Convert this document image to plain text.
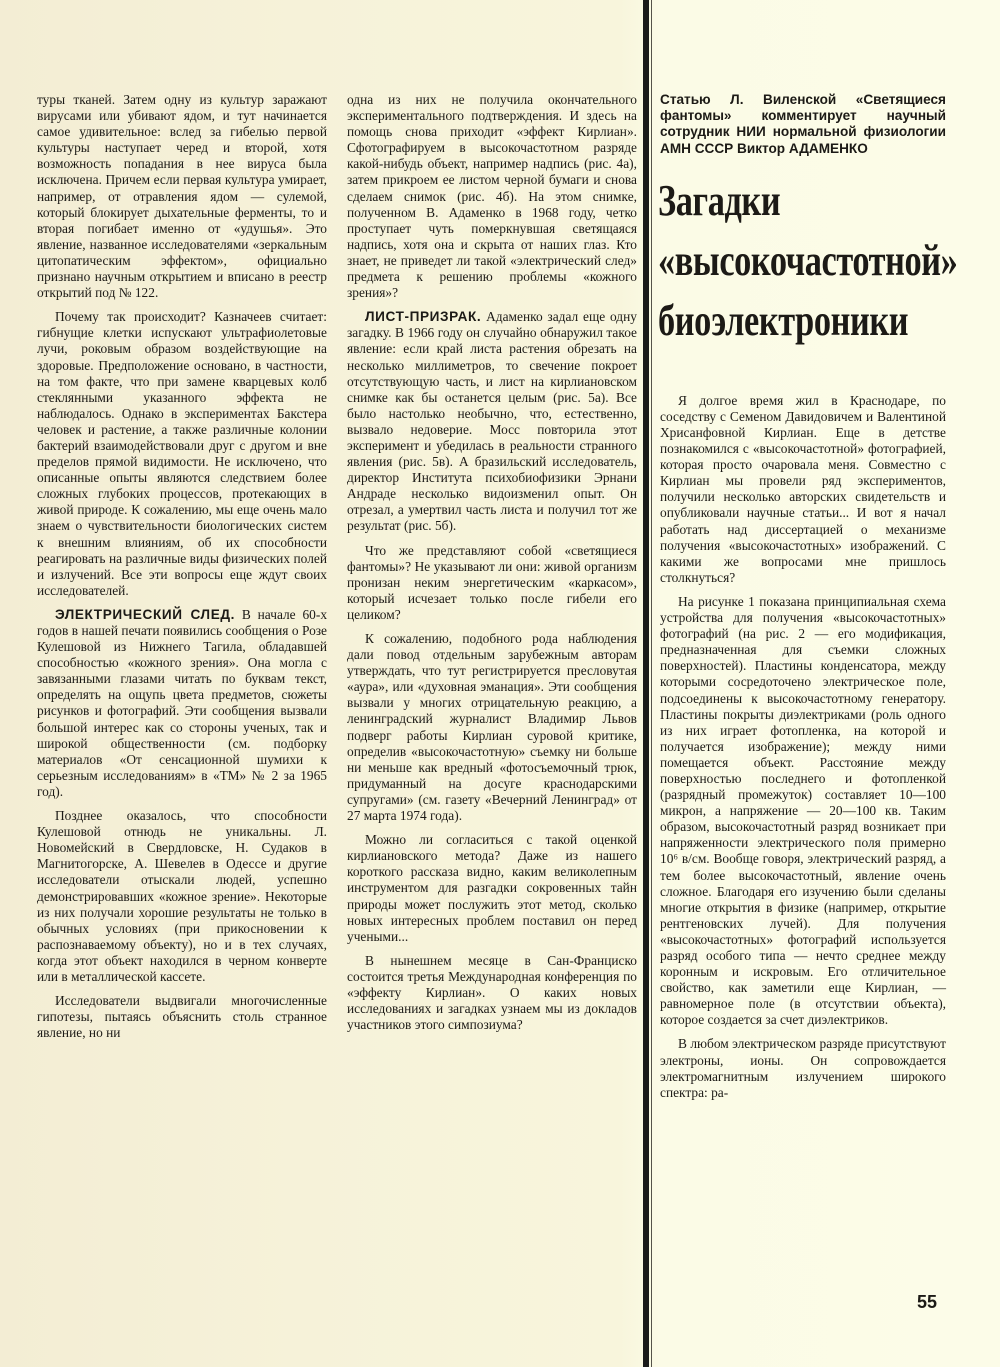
туры тканей. Затем одну из культур заражают вирусами или убивают ядом, и тут начинается самое удивительное: вслед за гибелью первой культуры наступает черед и второй, хотя возможность попадания в нее вируса была исключена. Причем если первая культура умирает, например, от отравления ядом — сулемой, который блокирует дыхательные ферменты, то и вторая погибает именно от «удушья». Это явление, названное исследователями «зеркальным цитопатическим эффектом», официально признано научным открытием и вписано в реестр открытий под № 122.

Почему так происходит? Казначеев считает: гибнущие клетки испускают ультрафиолетовые лучи, роковым образом воздействующие на здоровые. Предположение основано, в частности, на том факте, что при замене кварцевых колб стеклянными указанного эффекта не наблюдалось. Однако в экспериментах Бакстера человек и растение, а также различные колонии бактерий взаимодействовали друг с другом и вне пределов прямой видимости. Не исключено, что описанные опыты являются следствием более сложных глубоких процессов, протекающих в живой природе. К сожалению, мы еще очень мало знаем о чувствительности биологических систем к внешним влияниям, об их способности реагировать на различные виды физических полей и излучений. Все эти вопросы еще ждут своих исследователей.

ЭЛЕКТРИЧЕСКИЙ СЛЕД. В начале 60-х годов в нашей печати появились сообщения о Розе Кулешовой из Нижнего Тагила, обладавшей способностью «кожного зрения». Она могла с завязанными глазами читать по буквам текст, определять на ощупь цвета предметов, сюжеты рисунков и фотографий. Эти сообщения вызвали большой интерес как со стороны ученых, так и широкой общественности (см. подборку материалов «От сенсационной шумихи к серьезным исследованиям» в «ТМ» № 2 за 1965 год).

Позднее оказалось, что способности Кулешовой отнюдь не уникальны. Л. Новомейский в Свердловске, Н. Судаков в Магнитогорске, А. Шевелев в Одессе и другие исследователи отыскали людей, успешно демонстрировавших «кожное зрение». Некоторые из них получали хорошие результаты не только в обычных условиях (при прикосновении к распознаваемому объекту), но и в тех случаях, когда этот объект находился в черном конверте или в металлической кассете.

Исследователи выдвигали многочисленные гипотезы, пытаясь объяснить столь странное явление, но ни

одна из них не получила окончательного экспериментального подтверждения. И здесь на помощь снова приходит «эффект Кирлиан». Сфотографируем в высокочастотном разряде какой-нибудь объект, например надпись (рис. 4а), затем прикроем ее листом черной бумаги и снова сделаем снимок (рис. 4б). На этом снимке, полученном В. Адаменко в 1968 году, четко проступает чуть померкнувшая светящаяся надпись, хотя она и скрыта от наших глаз. Кто знает, не приведет ли такой «электрический след» предмета к решению проблемы «кожного зрения»?

ЛИСТ-ПРИЗРАК. Адаменко задал еще одну загадку. В 1966 году он случайно обнаружил такое явление: если край листа растения обрезать на несколько миллиметров, то свечение покроет отсутствующую часть, и лист на кирлиановском снимке как бы останется целым (рис. 5а). Все было настолько необычно, что, естественно, вызвало недоверие. Мосс повторила этот эксперимент и убедилась в реальности странного явления (рис. 5в). А бразильский исследователь, директор Института психобиофизики Эрнани Андраде несколько видоизменил опыт. Он отрезал, а умертвил часть листа и получил тот же результат (рис. 5б).

Что же представляют собой «светящиеся фантомы»? Не указывают ли они: живой организм пронизан неким энергетическим «каркасом», который исчезает только после гибели его целиком?

К сожалению, подобного рода наблюдения дали повод отдельным зарубежным авторам утверждать, что тут регистрируется пресловутая «аура», или «духовная эманация». Эти сообщения вызвали у многих отрицательную реакцию, а ленинградский журналист Владимир Львов подверг работы Кирлиан суровой критике, определив «высокочастотную» съемку ни больше ни меньше как вредный «фотосъемочный трюк, придуманный на досуге краснодарскими супругами» (см. газету «Вечерний Ленинград» от 27 марта 1974 года).

Можно ли согласиться с такой оценкой кирлиановского метода? Даже из нашего короткого рассказа видно, каким великолепным инструментом для разгадки сокровенных тайн природы может послужить этот метод, сколько новых интересных проблем поставил он перед учеными...

В нынешнем месяце в Сан-Франциско состоится третья Международная конференция по «эффекту Кирлиан». О каких новых исследованиях и загадках узнаем мы из докладов участников этого симпозиума?

Статью Л. Виленской «Светящиеся фантомы» комментирует научный сотрудник НИИ нормальной физиологии АМН СССР Виктор АДАМЕНКО
Загадки
«высокочастотной»
биоэлектроники

Я долгое время жил в Краснодаре, по соседству с Семеном Давидовичем и Валентиной Хрисанфовной Кирлиан. Еще в детстве познакомился с «высокочастотной» фотографией, которая просто очаровала меня. Совместно с Кирлиан мы провели ряд экспериментов, получили несколько авторских свидетельств и опубликовали научные статьи... И вот я начал работать над диссертацией о механизме получения «высокочастотных» изображений. С какими же вопросами мне пришлось столкнуться?

На рисунке 1 показана принципиальная схема устройства для получения «высокочастотных» фотографий (на рис. 2 — его модификация, предназначенная для съемки сложных поверхностей). Пластины конденсатора, между которыми сосредоточено электрическое поле, подсоединены к высокочастотному генератору. Пластины покрыты диэлектриками (роль одного из них играет фотопленка, на которой и получается изображение); между ними помещается объект. Расстояние между поверхностью последнего и фотопленкой (разрядный промежуток) составляет 10—100 микрон, а напряжение — 20—100 кв. Таким образом, высокочастотный разряд возникает при напряженности электрического поля примерно 10⁶ в/см. Вообще говоря, электрический разряд, а тем более высокочастотный, явление очень сложное. Благодаря его изучению были сделаны многие открытия в физике (например, открытие рентгеновских лучей). Для получения «высокочастотных» фотографий используется разряд особого типа — нечто среднее между коронным и искровым. Его отличительное свойство, как заметили еще Кирлиан, — равномерное поле (в отсутствии объекта), которое создается за счет диэлектриков.

В любом электрическом разряде присутствуют электроны, ионы. Он сопровождается электромагнитным излучением широкого спектра: ра-

55
